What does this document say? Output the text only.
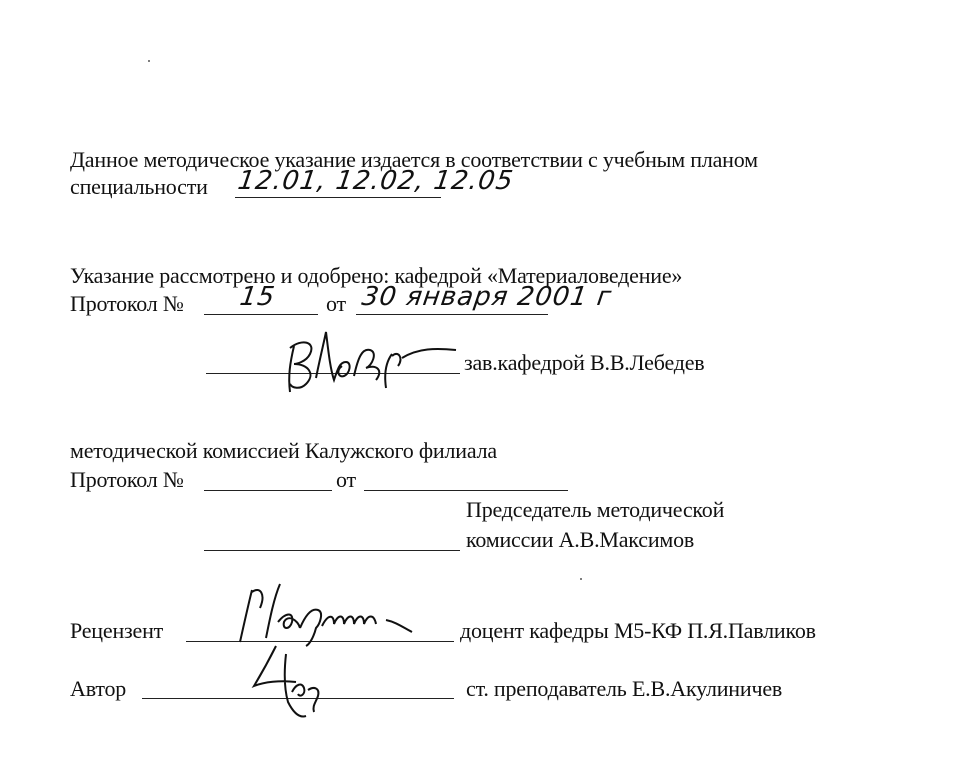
Данное методическое указание издается в соответствии с учебным планом
специальности 12.01, 12.02, 12.05
Указание рассмотрено и одобрено: кафедрой «Материаловедение»
Протокол № 15 от 30 января 2001 г
зав.кафедрой В.В.Лебедев
методической комиссией Калужского филиала
Протокол №	от
Председатель методической
комиссии А.В.Максимов
Рецензент	доцент кафедры М5-КФ П.Я.Павликов
Автор	ст. преподаватель Е.В.Акулиничев
